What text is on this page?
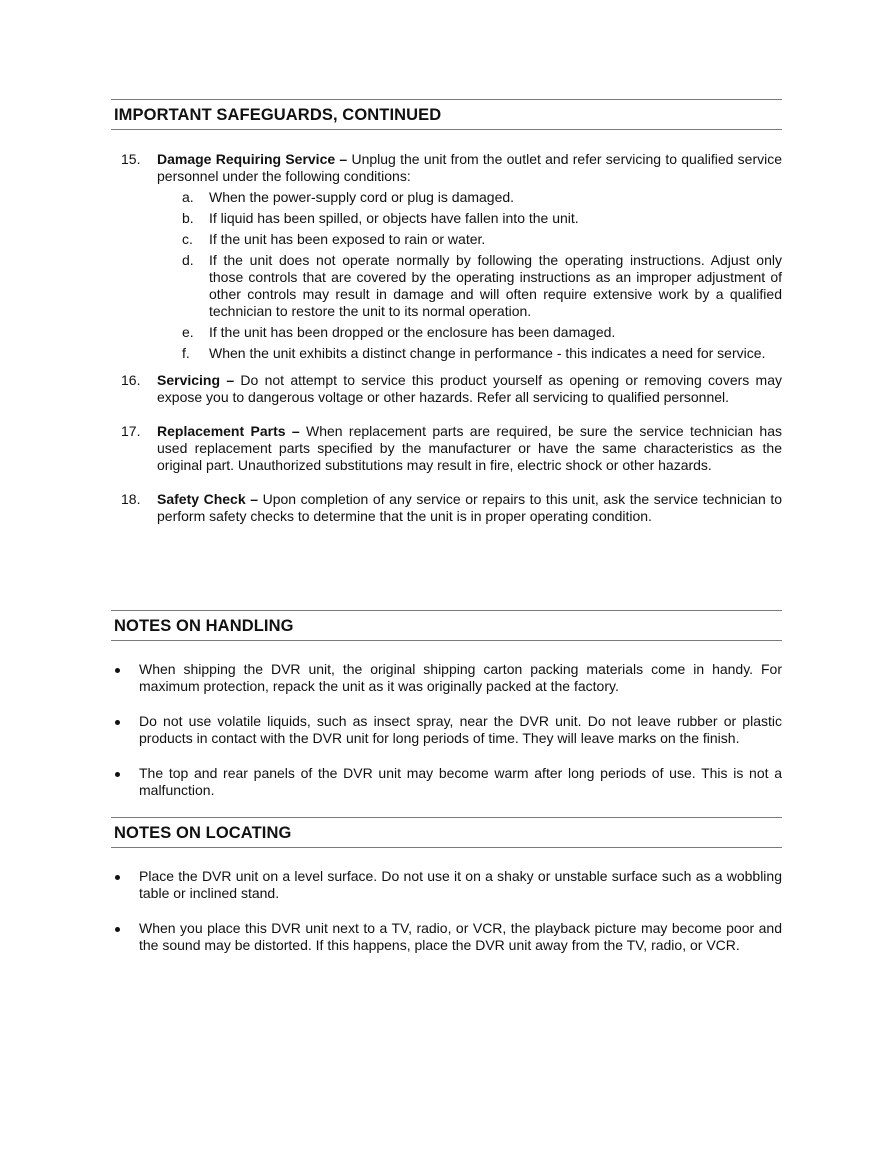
IMPORTANT SAFEGUARDS, CONTINUED
15. Damage Requiring Service – Unplug the unit from the outlet and refer servicing to qualified service personnel under the following conditions:
a. When the power-supply cord or plug is damaged.
b. If liquid has been spilled, or objects have fallen into the unit.
c. If the unit has been exposed to rain or water.
d. If the unit does not operate normally by following the operating instructions. Adjust only those controls that are covered by the operating instructions as an improper adjustment of other controls may result in damage and will often require extensive work by a qualified technician to restore the unit to its normal operation.
e. If the unit has been dropped or the enclosure has been damaged.
f. When the unit exhibits a distinct change in performance - this indicates a need for service.
16. Servicing – Do not attempt to service this product yourself as opening or removing covers may expose you to dangerous voltage or other hazards. Refer all servicing to qualified personnel.
17. Replacement Parts – When replacement parts are required, be sure the service technician has used replacement parts specified by the manufacturer or have the same characteristics as the original part. Unauthorized substitutions may result in fire, electric shock or other hazards.
18. Safety Check – Upon completion of any service or repairs to this unit, ask the service technician to perform safety checks to determine that the unit is in proper operating condition.
NOTES ON HANDLING
When shipping the DVR unit, the original shipping carton packing materials come in handy. For maximum protection, repack the unit as it was originally packed at the factory.
Do not use volatile liquids, such as insect spray, near the DVR unit. Do not leave rubber or plastic products in contact with the DVR unit for long periods of time. They will leave marks on the finish.
The top and rear panels of the DVR unit may become warm after long periods of use. This is not a malfunction.
NOTES ON LOCATING
Place the DVR unit on a level surface. Do not use it on a shaky or unstable surface such as a wobbling table or inclined stand.
When you place this DVR unit next to a TV, radio, or VCR, the playback picture may become poor and the sound may be distorted. If this happens, place the DVR unit away from the TV, radio, or VCR.
